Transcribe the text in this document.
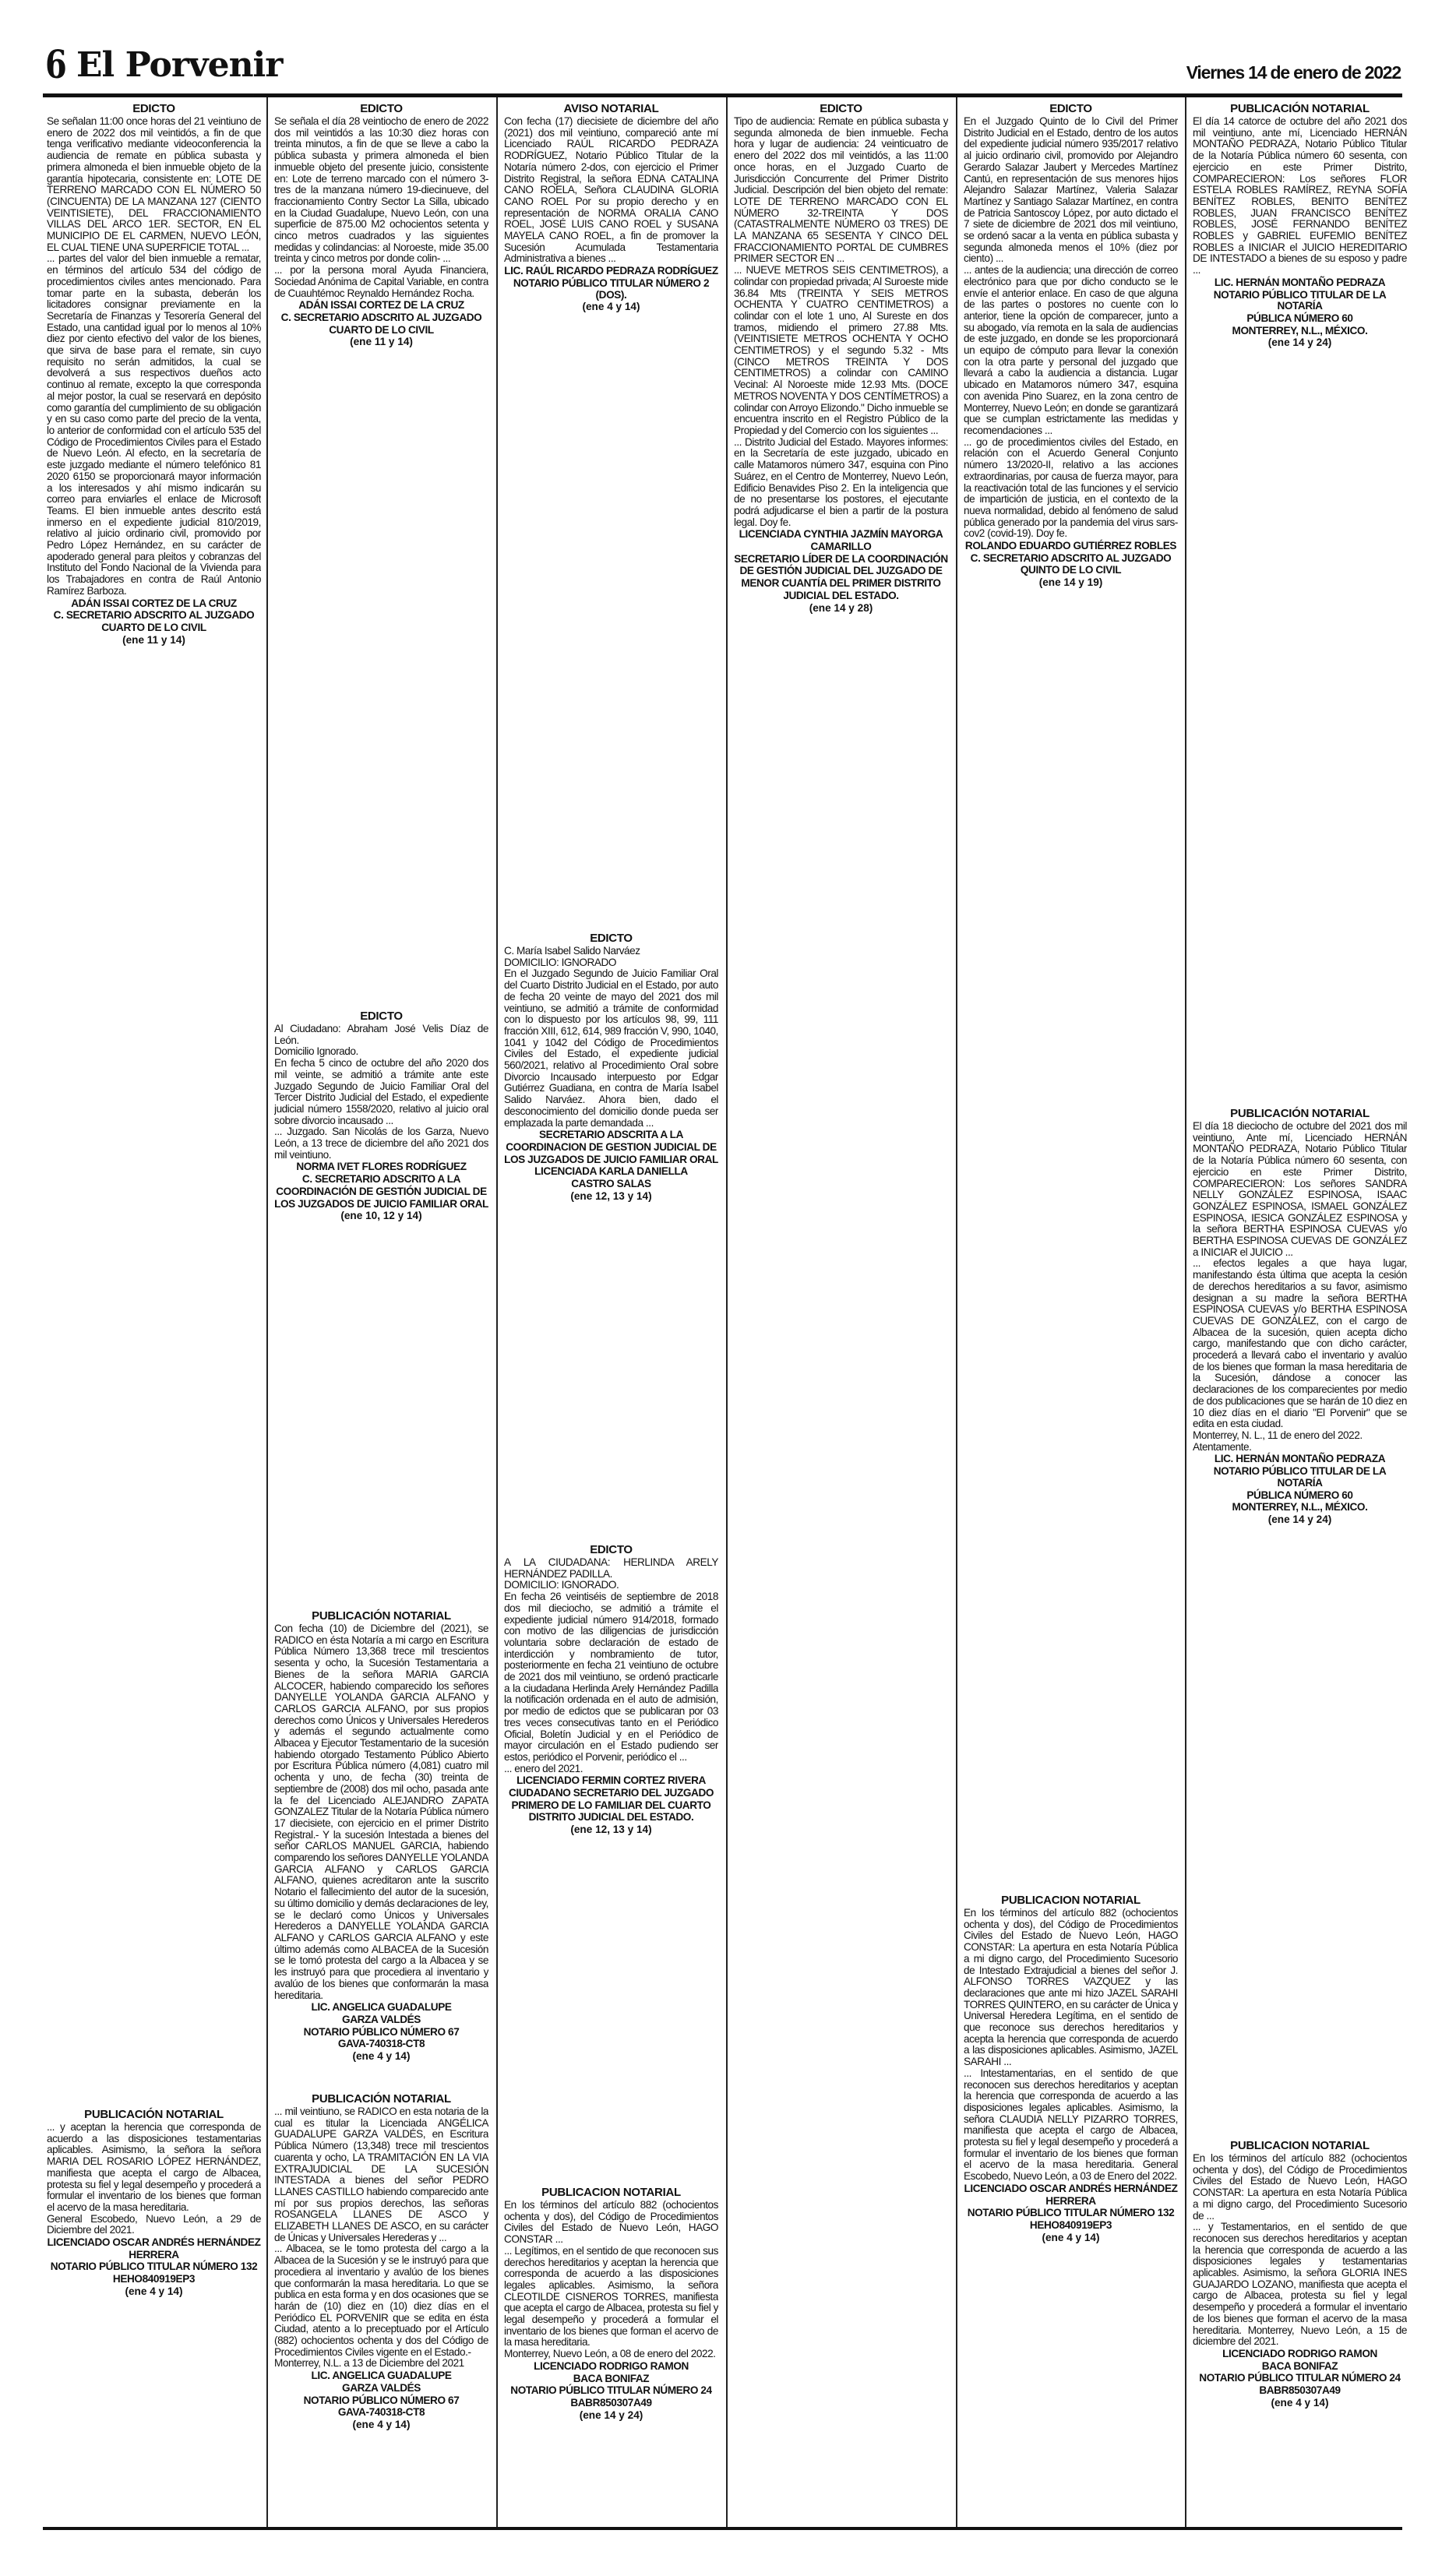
6 El Porvenir	Viernes 14 de enero de 2022
EDICTO

Se señalan 11:00 once horas del 21 veintiuno de enero de 2022 dos mil veintidós, a fin de que tenga verificativo mediante videoconferencia la audiencia de remate en pública subasta y primera almoneda el bien inmueble objeto de la garantía hipotecaria, consistente en: LOTE DE TERRENO MARCADO CON EL NÚMERO 50 (CINCUENTA) DE LA MANZANA 127 (CIENTO VEINTISIETE), DEL FRACCIONAMIENTO VILLAS DEL ARCO 1ER. SECTOR, EN EL MUNICIPIO DE EL CARMEN, NUEVO LEÓN, EL CUAL TIENE UNA SUPERFICIE TOTAL ...

... partes del valor del bien inmueble a rematar, en términos del artículo 534 del código de procedimientos civiles antes mencionado. Para tomar parte en la subasta, deberán los licitadores consignar previamente en la Secretaría de Finanzas y Tesorería General del Estado, una cantidad igual por lo menos al 10% diez por ciento efectivo del valor de los bienes, que sirva de base para el remate, sin cuyo requisito no serán admitidos, la cual se devolverá a sus respectivos dueños acto continuo al remate, excepto la que corresponda al mejor postor, la cual se reservará en depósito como garantía del cumplimiento de su obligación y en su caso como parte del precio de la venta, lo anterior de conformidad con el artículo 535 del Código de Procedimientos Civiles para el Estado de Nuevo León. Al efecto, en la secretaría de este juzgado mediante el número telefónico 81 2020 6150 se proporcionará mayor información a los interesados y ahí mismo indicarán su correo para enviarles el enlace de Microsoft Teams. El bien inmueble antes descrito está inmerso en el expediente judicial 810/2019, relativo al juicio ordinario civil, promovido por Pedro López Hernández, en su carácter de apoderado general para pleitos y cobranzas del Instituto del Fondo Nacional de la Vivienda para los Trabajadores en contra de Raúl Antonio Ramírez Barboza.

ADÁN ISSAI CORTEZ DE LA CRUZ
C. SECRETARIO ADSCRITO AL JUZGADO
CUARTO DE LO CIVIL
(ene 11 y 14)
PUBLICACIÓN NOTARIAL

... y aceptan la herencia que corresponda de acuerdo a las disposiciones testamentarias aplicables. Asimismo, la señora la señora MARIA DEL ROSARIO LÓPEZ HERNÁNDEZ, manifiesta que acepta el cargo de Albacea, protesta su fiel y legal desempeño y procederá a formular el inventario de los bienes que forman el acervo de la masa hereditaria.

General Escobedo, Nuevo León, a 29 de Diciembre del 2021.

LICENCIADO OSCAR ANDRÉS HERNÁNDEZ
HERRERA
NOTARIO PÚBLICO TITULAR NÚMERO 132
HEHO840919EP3
(ene 4 y 14)
EDICTO

Se señala el día 28 veintiocho de enero de 2022 dos mil veintidós a las 10:30 diez horas con treinta minutos, a fin de que se lleve a cabo la pública subasta y primera almoneda el bien inmueble objeto del presente juicio, consistente en: Lote de terreno marcado con el número 3-tres de la manzana número 19-diecinueve, del fraccionamiento Contry Sector La Silla, ubicado en la Ciudad Guadalupe, Nuevo León, con una superficie de 875.00 M2 ochocientos setenta y cinco metros cuadrados y las siguientes medidas y colindancias: al Noroeste, mide 35.00 treinta y cinco metros por donde colin- ...

... por la persona moral Ayuda Financiera, Sociedad Anónima de Capital Variable, en contra de Cuauhtémoc Reynaldo Hernández Rocha.

ADÁN ISSAI CORTEZ DE LA CRUZ
C. SECRETARIO ADSCRITO AL JUZGADO
CUARTO DE LO CIVIL
(ene 11 y 14)
EDICTO

Al Ciudadano: Abraham José Velis Díaz de León.

Domicilio Ignorado.

En fecha 5 cinco de octubre del año 2020 dos mil veinte, se admitió a trámite ante este Juzgado Segundo de Juicio Familiar Oral del Tercer Distrito Judicial del Estado, el expediente judicial número 1558/2020, relativo al juicio oral sobre divorcio incausado ...

... Juzgado. San Nicolás de los Garza, Nuevo León, a 13 trece de diciembre del año 2021 dos mil veintiuno.

NORMA IVET FLORES RODRÍGUEZ
C. SECRETARIO ADSCRITO A LA
COORDINACIÓN DE GESTIÓN JUDICIAL DE
LOS JUZGADOS DE JUICIO FAMILIAR ORAL
(ene 10, 12 y 14)
PUBLICACIÓN NOTARIAL

Con fecha (10) de Diciembre del (2021), se RADICO en ésta Notaría a mi cargo en Escritura Pública Número 13,368 trece mil trescientos sesenta y ocho, la Sucesión Testamentaria a Bienes de la señora MARIA GARCIA ALCOCER, habiendo comparecido los señores DANYELLE YOLANDA GARCIA ALFANO y CARLOS GARCIA ALFANO, por sus propios derechos como Únicos y Universales Herederos y además el segundo actualmente como Albacea y Ejecutor Testamentario de la sucesión habiendo otorgado Testamento Público Abierto por Escritura Pública número (4,081) cuatro mil ochenta y uno, de fecha (30) treinta de septiembre de (2008) dos mil ocho, pasada ante la fe del Licenciado ALEJANDRO ZAPATA GONZALEZ Titular de la Notaría Pública número 17 diecisiete, con ejercicio en el primer Distrito Registral.- Y la sucesión Intestada a bienes del señor CARLOS MANUEL GARCIA, habiendo comparendo los señores DANYELLE YOLANDA GARCIA ALFANO y CARLOS GARCIA ALFANO, quienes acreditaron ante la suscrito Notario el fallecimiento del autor de la sucesión, su último domicilio y demás declaraciones de ley, se le declaró como Únicos y Universales Herederos a DANYELLE YOLANDA GARCIA ALFANO y CARLOS GARCIA ALFANO y este último además como ALBACEA de la Sucesión se le tomó protesta del cargo a la Albacea y se les instruyó para que procediera al inventario y avalúo de los bienes que conformarán la masa hereditaria.

LIC. ANGELICA GUADALUPE
GARZA VALDÉS
NOTARIO PÚBLICO NÚMERO 67
GAVA-740318-CT8
(ene 4 y 14)
PUBLICACIÓN NOTARIAL

... mil veintiuno, se RADICO en esta notaria de la cual es titular la Licenciada ANGÉLICA GUADALUPE GARZA VALDÉS, en Escritura Pública Número (13,348) trece mil trescientos cuarenta y ocho, LA TRAMITACIÓN EN LA VIA EXTRAJUDICIAL DE LA SUCESIÓN INTESTADA a bienes del señor PEDRO LLANES CASTILLO habiendo comparecido ante mí por sus propios derechos, las señoras ROSANGELA LLANES DE ASCO y ELIZABETH LLANES DE ASCO, en su carácter de Únicas y Universales Herederas y ...

... Albacea, se le tomo protesta del cargo a la Albacea de la Sucesión y se le instruyó para que procediera al inventario y avalúo de los bienes que conformarán la masa hereditaria. Lo que se publica en esta forma y en dos ocasiones que se harán de (10) diez en (10) diez días en el Periódico EL PORVENIR que se edita en ésta Ciudad, atento a lo preceptuado por el Artículo (882) ochocientos ochenta y dos del Código de Procedimientos Civiles vigente en el Estado.-

Monterrey, N.L. a 13 de Diciembre del 2021

LIC. ANGELICA GUADALUPE
GARZA VALDÉS
NOTARIO PÚBLICO NÚMERO 67
GAVA-740318-CT8
(ene 4 y 14)
AVISO NOTARIAL

Con fecha (17) diecisiete de diciembre del año (2021) dos mil veintiuno, compareció ante mí Licenciado RAÚL RICARDO PEDRAZA RODRÍGUEZ, Notario Público Titular de la Notaría número 2-dos, con ejercicio el Primer Distrito Registral, la señora EDNA CATALINA CANO ROELA, Señora CLAUDINA GLORIA CANO ROEL Por su propio derecho y en representación de NORMA ORALIA CANO ROEL, JOSÉ LUIS CANO ROEL y SUSANA MAYELA CANO ROEL, a fin de promover la Sucesión Acumulada Testamentaria Administrativa a bienes ...

LIC. RAÚL RICARDO PEDRAZA RODRÍGUEZ
NOTARIO PÚBLICO TITULAR NÚMERO 2 (DOS).
(ene 4 y 14)
EDICTO

C. María Isabel Salido Narváez

DOMICILIO: IGNORADO

En el Juzgado Segundo de Juicio Familiar Oral del Cuarto Distrito Judicial en el Estado, por auto de fecha 20 veinte de mayo del 2021 dos mil veintiuno, se admitió a trámite de conformidad con lo dispuesto por los artículos 98, 99, 111 fracción XIII, 612, 614, 989 fracción V, 990, 1040, 1041 y 1042 del Código de Procedimientos Civiles del Estado, el expediente judicial 560/2021, relativo al Procedimiento Oral sobre Divorcio Incausado interpuesto por Edgar Gutiérrez Guadiana, en contra de María Isabel Salido Narváez. Ahora bien, dado el desconocimiento del domicilio donde pueda ser emplazada la parte demandada ...

SECRETARIO ADSCRITA A LA
COORDINACION DE GESTION JUDICIAL DE
LOS JUZGADOS DE JUICIO FAMILIAR ORAL
LICENCIADA KARLA DANIELLA
CASTRO SALAS
(ene 12, 13 y 14)
EDICTO

A LA CIUDADANA: HERLINDA ARELY HERNÁNDEZ PADILLA.

DOMICILIO: IGNORADO.

En fecha 26 veintiséis de septiembre de 2018 dos mil dieciocho, se admitió a trámite el expediente judicial número 914/2018, formado con motivo de las diligencias de jurisdicción voluntaria sobre declaración de estado de interdicción y nombramiento de tutor, posteriormente en fecha 21 veintiuno de octubre de 2021 dos mil veintiuno, se ordenó practicarle a la ciudadana Herlinda Arely Hernández Padilla la notificación ordenada en el auto de admisión, por medio de edictos que se publicaran por 03 tres veces consecutivas tanto en el Periódico Oficial, Boletín Judicial y en el Periódico de mayor circulación en el Estado pudiendo ser estos, periódico el Porvenir, periódico el ...

... enero del 2021.

LICENCIADO FERMIN CORTEZ RIVERA
CIUDADANO SECRETARIO DEL JUZGADO
PRIMERO DE LO FAMILIAR DEL CUARTO
DISTRITO JUDICIAL DEL ESTADO.
(ene 12, 13 y 14)
PUBLICACION NOTARIAL

En los términos del artículo 882 (ochocientos ochenta y dos), del Código de Procedimientos Civiles del Estado de Nuevo León, HAGO CONSTAR ...

... Legítimos, en el sentido de que reconocen sus derechos hereditarios y aceptan la herencia que corresponda de acuerdo a las disposiciones legales aplicables. Asimismo, la señora CLEOTILDE CISNEROS TORRES, manifiesta que acepta el cargo de Albacea, protesta su fiel y legal desempeño y procederá a formular el inventario de los bienes que forman el acervo de la masa hereditaria.

Monterrey, Nuevo León, a 08 de enero del 2022.

LICENCIADO RODRIGO RAMON
BACA BONIFAZ
NOTARIO PÚBLICO TITULAR NÚMERO 24
BABR850307A49
(ene 14 y 24)
EDICTO

Tipo de audiencia: Remate en pública subasta y segunda almoneda de bien inmueble. Fecha hora y lugar de audiencia: 24 veinticuatro de enero del 2022 dos mil veintidós, a las 11:00 once horas, en el Juzgado Cuarto de Jurisdicción Concurrente del Primer Distrito Judicial. Descripción del bien objeto del remate: LOTE DE TERRENO MARCADO CON EL NÚMERO 32-TREINTA Y DOS (CATASTRALMENTE NÚMERO 03 TRES) DE LA MANZANA 65 SESENTA Y CINCO DEL FRACCIONAMIENTO PORTAL DE CUMBRES PRIMER SECTOR EN ...

... NUEVE METROS SEIS CENTIMETROS), a colindar con propiedad privada; Al Suroeste mide 36.84 Mts (TREINTA Y SEIS METROS OCHENTA Y CUATRO CENTIMETROS) a colindar con el lote 1 uno, Al Sureste en dos tramos, midiendo el primero 27.88 Mts. (VEINTISIETE METROS OCHENTA Y OCHO CENTIMETROS) y el segundo 5.32 - Mts (CINCO METROS TREINTA Y DOS CENTIMETROS) a colindar con CAMINO Vecinal: Al Noroeste mide 12.93 Mts. (DOCE METROS NOVENTA Y DOS CENTÍMETROS) a colindar con Arroyo Elizondo." Dicho inmueble se encuentra inscrito en el Registro Público de la Propiedad y del Comercio con los siguientes ...

... Distrito Judicial del Estado. Mayores informes: en la Secretaría de este juzgado, ubicado en calle Matamoros número 347, esquina con Pino Suárez, en el Centro de Monterrey, Nuevo León, Edificio Benavides Piso 2. En la inteligencia que de no presentarse los postores, el ejecutante podrá adjudicarse el bien a partir de la postura legal. Doy fe.

LICENCIADA CYNTHIA JAZMÍN MAYORGA
CAMARILLO
SECRETARIO LÍDER DE LA COORDINACIÓN
DE GESTIÓN JUDICIAL DEL JUZGADO DE
MENOR CUANTÍA DEL PRIMER DISTRITO
JUDICIAL DEL ESTADO.
(ene 14 y 28)
EDICTO

En el Juzgado Quinto de lo Civil del Primer Distrito Judicial en el Estado, dentro de los autos del expediente judicial número 935/2017 relativo al juicio ordinario civil, promovido por Alejandro Gerardo Salazar Jaubert y Mercedes Martínez Cantú, en representación de sus menores hijos Alejandro Salazar Martínez, Valeria Salazar Martínez y Santiago Salazar Martínez, en contra de Patricia Santoscoy López, por auto dictado el 7 siete de diciembre de 2021 dos mil veintiuno, se ordenó sacar a la venta en pública subasta y segunda almoneda menos el 10% (diez por ciento) ...

... antes de la audiencia; una dirección de correo electrónico para que por dicho conducto se le envíe el anterior enlace. En caso de que alguna de las partes o postores no cuente con lo anterior, tiene la opción de comparecer, junto a su abogado, vía remota en la sala de audiencias de este juzgado, en donde se les proporcionará un equipo de cómputo para llevar la conexión con la otra parte y personal del juzgado que llevará a cabo la audiencia a distancia. Lugar ubicado en Matamoros número 347, esquina con avenida Pino Suarez, en la zona centro de Monterrey, Nuevo León; en donde se garantizará que se cumplan estrictamente las medidas y recomendaciones ...

... go de procedimientos civiles del Estado, en relación con el Acuerdo General Conjunto número 13/2020-II, relativo a las acciones extraordinarias, por causa de fuerza mayor, para la reactivación total de las funciones y el servicio de impartición de justicia, en el contexto de la nueva normalidad, debido al fenómeno de salud pública generado por la pandemia del virus sars-cov2 (covid-19). Doy fe.

ROLANDO EDUARDO GUTIÉRREZ ROBLES
C. SECRETARIO ADSCRITO AL JUZGADO
QUINTO DE LO CIVIL
(ene 14 y 19)
PUBLICACION NOTARIAL

En los términos del artículo 882 (ochocientos ochenta y dos), del Código de Procedimientos Civiles del Estado de Nuevo León, HAGO CONSTAR: La apertura en esta Notaría Pública a mi digno cargo, del Procedimiento Sucesorio de Intestado Extrajudicial a bienes del señor J. ALFONSO TORRES VAZQUEZ y las declaraciones que ante mi hizo JAZEL SARAHI TORRES QUINTERO, en su carácter de Única y Universal Heredera Legítima, en el sentido de que reconoce sus derechos hereditarios y acepta la herencia que corresponda de acuerdo a las disposiciones aplicables. Asimismo, JAZEL SARAHI ...

... Intestamentarias, en el sentido de que reconocen sus derechos hereditarios y aceptan la herencia que corresponda de acuerdo a las disposiciones legales aplicables. Asimismo, la señora CLAUDIA NELLY PIZARRO TORRES, manifiesta que acepta el cargo de Albacea, protesta su fiel y legal desempeño y procederá a formular el inventario de los bienes que forman el acervo de la masa hereditaria. General Escobedo, Nuevo León, a 03 de Enero del 2022.

LICENCIADO OSCAR ANDRÉS HERNÁNDEZ
HERRERA
NOTARIO PÚBLICO TITULAR NÚMERO 132
HEHO840919EP3
(ene 4 y 14)
PUBLICACIÓN NOTARIAL

El día 14 catorce de octubre del año 2021 dos mil veintiuno, ante mí, Licenciado HERNÁN MONTAÑO PEDRAZA, Notario Público Titular de la Notaría Pública número 60 sesenta, con ejercicio en este Primer Distrito, COMPARECIERON: Los señores FLOR ESTELA ROBLES RAMÍREZ, REYNA SOFÍA BENÍTEZ ROBLES, BENITO BENÍTEZ ROBLES, JUAN FRANCISCO BENÍTEZ ROBLES, JOSÉ FERNANDO BENÍTEZ ROBLES y GABRIEL EUFEMIO BENÍTEZ ROBLES a INICIAR el JUICIO HEREDITARIO DE INTESTADO a bienes de su esposo y padre ...

LIC. HERNÁN MONTAÑO PEDRAZA
NOTARIO PÚBLICO TITULAR DE LA NOTARÍA
PÚBLICA NÚMERO 60
MONTERREY, N.L., MÉXICO.
(ene 14 y 24)
PUBLICACIÓN NOTARIAL

El día 18 dieciocho de octubre del 2021 dos mil veintiuno, Ante mí, Licenciado HERNÁN MONTAÑO PEDRAZA, Notario Público Titular de la Notaría Pública número 60 sesenta, con ejercicio en este Primer Distrito, COMPARECIERON: Los señores SANDRA NELLY GONZÁLEZ ESPINOSA, ISAAC GONZÁLEZ ESPINOSA, ISMAEL GONZÁLEZ ESPINOSA, IESICA GONZÁLEZ ESPINOSA y la señora BERTHA ESPINOSA CUEVAS y/o BERTHA ESPINOSA CUEVAS DE GONZÁLEZ a INICIAR el JUICIO ...

... efectos legales a que haya lugar, manifestando ésta última que acepta la cesión de derechos hereditarios a su favor, asimismo designan a su madre la señora BERTHA ESPINOSA CUEVAS y/o BERTHA ESPINOSA CUEVAS DE GONZÁLEZ, con el cargo de Albacea de la sucesión, quien acepta dicho cargo, manifestando que con dicho carácter, procederá a llevará cabo el inventario y avalúo de los bienes que forman la masa hereditaria de la Sucesión, dándose a conocer las declaraciones de los comparecientes por medio de dos publicaciones que se harán de 10 diez en 10 diez días en el diario "El Porvenir" que se edita en esta ciudad.

Monterrey, N. L., 11 de enero del 2022.

Atentamente.

LIC. HERNÁN MONTAÑO PEDRAZA
NOTARIO PÚBLICO TITULAR DE LA NOTARÍA
PÚBLICA NÚMERO 60
MONTERREY, N.L., MÉXICO.
(ene 14 y 24)
PUBLICACION NOTARIAL

En los términos del artículo 882 (ochocientos ochenta y dos), del Código de Procedimientos Civiles del Estado de Nuevo León, HAGO CONSTAR: La apertura en esta Notaría Pública a mi digno cargo, del Procedimiento Sucesorio de ...

... y Testamentarios, en el sentido de que reconocen sus derechos hereditarios y aceptan la herencia que corresponda de acuerdo a las disposiciones legales y testamentarias aplicables. Asimismo, la señora GLORIA INES GUAJARDO LOZANO, manifiesta que acepta el cargo de Albacea, protesta su fiel y legal desempeño y procederá a formular el inventario de los bienes que forman el acervo de la masa hereditaria. Monterrey, Nuevo León, a 15 de diciembre del 2021.

LICENCIADO RODRIGO RAMON
BACA BONIFAZ
NOTARIO PÚBLICO TITULAR NÚMERO 24
BABR850307A49
(ene 4 y 14)
